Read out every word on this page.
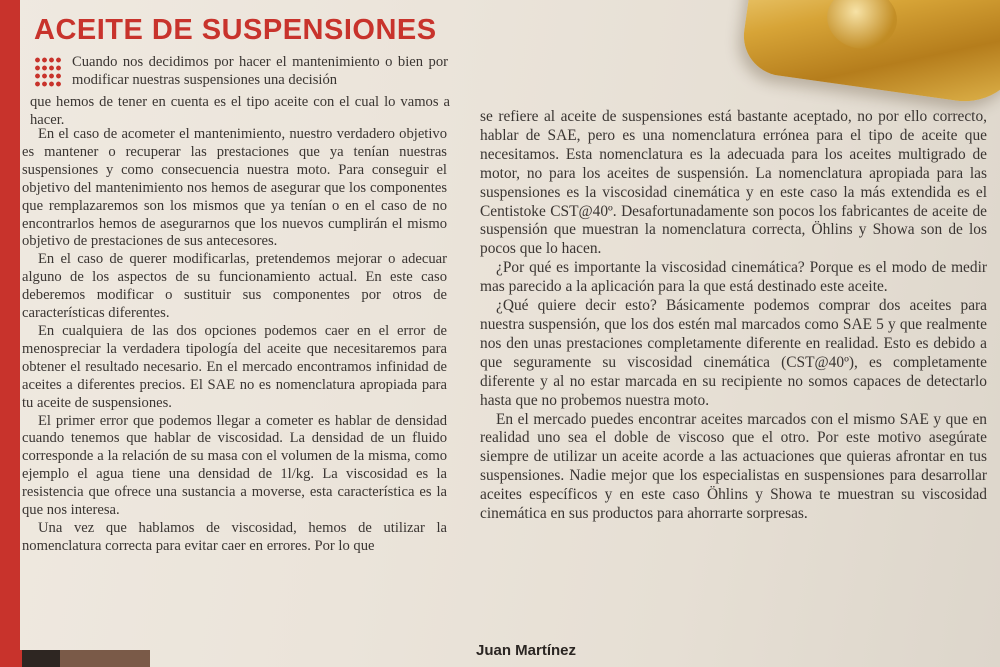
ACEITE DE SUSPENSIONES

Cuando nos decidimos por hacer el mantenimiento o bien por modificar nuestras suspensiones una decisión

que hemos de tener en cuenta es el tipo aceite con el cual lo vamos a hacer.

En el caso de acometer el mantenimiento, nuestro verdadero objetivo es mantener o recuperar las prestaciones que ya tenían nuestras suspensiones y como consecuencia nuestra moto. Para conseguir el objetivo del mantenimiento nos hemos de asegurar que los componentes que remplazaremos son los mismos que ya tenían o en el caso de no encontrarlos hemos de asegurarnos que los nuevos cumplirán el mismo objetivo de prestaciones de sus antecesores.

En el caso de querer modificarlas, pretendemos mejorar o adecuar alguno de los aspectos de su funcionamiento actual. En este caso deberemos modificar o sustituir sus componentes por otros de características diferentes.

En cualquiera de las dos opciones podemos caer en el error de menospreciar la verdadera tipología del aceite que necesitaremos para obtener el resultado necesario. En el mercado encontramos infinidad de aceites a diferentes precios. El SAE no es nomenclatura apropiada para tu aceite de suspensiones.

El primer error que podemos llegar a cometer es hablar de densidad cuando tenemos que hablar de viscosidad. La densidad de un fluido corresponde a la relación de su masa con el volumen de la misma, como ejemplo el agua tiene una densidad de 1l/kg. La viscosidad es la resistencia que ofrece una sustancia a moverse, esta característica es la que nos interesa.

Una vez que hablamos de viscosidad, hemos de utilizar la nomenclatura correcta para evitar caer en errores. Por lo que

se refiere al aceite de suspensiones está bastante aceptado, no por ello correcto, hablar de SAE, pero es una nomenclatura errónea para el tipo de aceite que necesitamos. Esta nomenclatura es la adecuada para los aceites multigrado de motor, no para los aceites de suspensión. La nomenclatura apropiada para las suspensiones es la viscosidad cinemática y en este caso la más extendida es el Centistoke CST@40º. Desafortunadamente son pocos los fabricantes de aceite de suspensión que muestran la nomenclatura correcta, Öhlins y Showa son de los pocos que lo hacen.

¿Por qué es importante la viscosidad cinemática? Porque es el modo de medir mas parecido a la aplicación para la que está destinado este aceite.

¿Qué quiere decir esto? Básicamente podemos comprar dos aceites para nuestra suspensión, que los dos estén mal marcados como SAE 5 y que realmente nos den unas prestaciones completamente diferente en realidad. Esto es debido a que seguramente su viscosidad cinemática (CST@40º), es completamente diferente y al no estar marcada en su recipiente no somos capaces de detectarlo hasta que no probemos nuestra moto.

En el mercado puedes encontrar aceites marcados con el mismo SAE y que en realidad uno sea el doble de viscoso que el otro. Por este motivo asegúrate siempre de utilizar un aceite acorde a las actuaciones que quieras afrontar en tus suspensiones. Nadie mejor que los especialistas en suspensiones para desarrollar aceites específicos y en este caso Öhlins y Showa te muestran su viscosidad cinemática en sus productos para ahorrarte sorpresas.

Juan Martínez
